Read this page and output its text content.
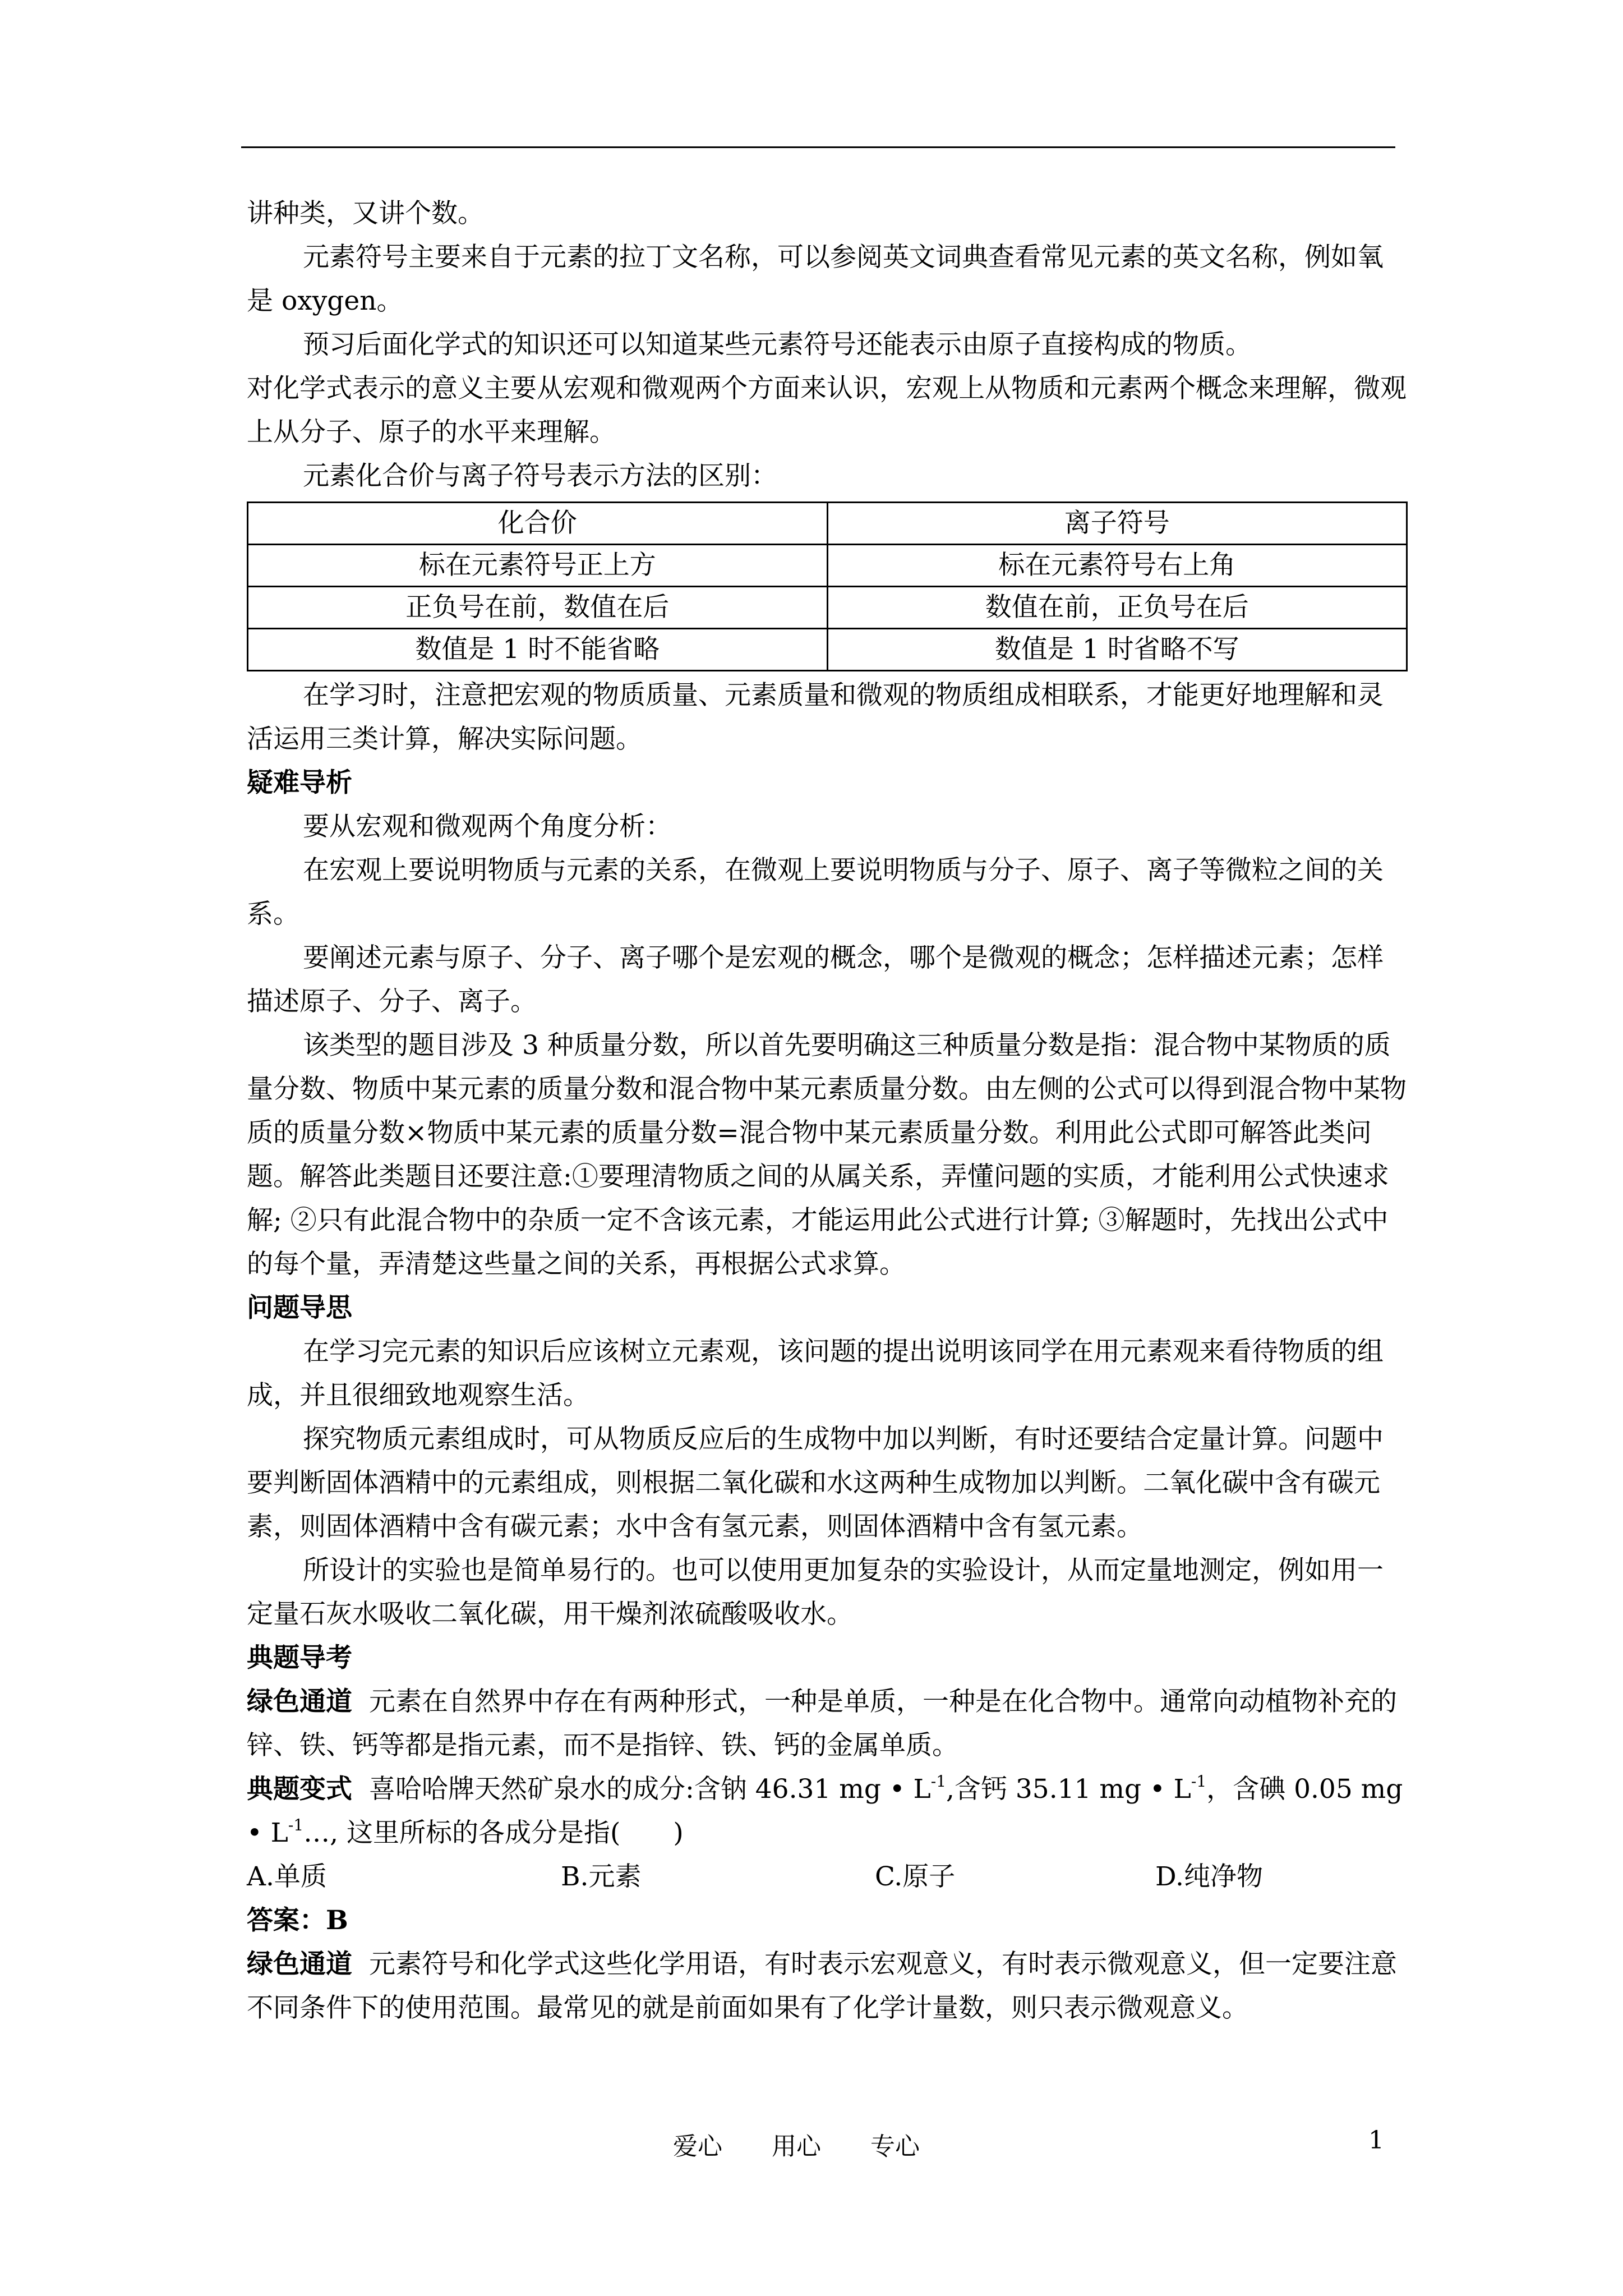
讲种类，又讲个数。

元素符号主要来自于元素的拉丁文名称，可以参阅英文词典查看常见元素的英文名称，例如氧是 oxygen。

预习后面化学式的知识还可以知道某些元素符号还能表示由原子直接构成的物质。

对化学式表示的意义主要从宏观和微观两个方面来认识，宏观上从物质和元素两个概念来理解，微观上从分子、原子的水平来理解。

元素化合价与离子符号表示方法的区别：

化合价	离子符号
标在元素符号正上方	标在元素符号右上角
正负号在前，数值在后	数值在前，正负号在后
数值是 1 时不能省略	数值是 1 时省略不写

在学习时，注意把宏观的物质质量、元素质量和微观的物质组成相联系，才能更好地理解和灵活运用三类计算，解决实际问题。

疑难导析

要从宏观和微观两个角度分析：

在宏观上要说明物质与元素的关系，在微观上要说明物质与分子、原子、离子等微粒之间的关系。

要阐述元素与原子、分子、离子哪个是宏观的概念，哪个是微观的概念；怎样描述元素；怎样描述原子、分子、离子。

该类型的题目涉及 3 种质量分数，所以首先要明确这三种质量分数是指：混合物中某物质的质量分数、物质中某元素的质量分数和混合物中某元素质量分数。由左侧的公式可以得到混合物中某物质的质量分数×物质中某元素的质量分数=混合物中某元素质量分数。利用此公式即可解答此类问题。解答此类题目还要注意:①要理清物质之间的从属关系，弄懂问题的实质，才能利用公式快速求解; ②只有此混合物中的杂质一定不含该元素，才能运用此公式进行计算; ③解题时，先找出公式中的每个量，弄清楚这些量之间的关系，再根据公式求算。

问题导思

在学习完元素的知识后应该树立元素观，该问题的提出说明该同学在用元素观来看待物质的组成，并且很细致地观察生活。

探究物质元素组成时，可从物质反应后的生成物中加以判断，有时还要结合定量计算。问题中要判断固体酒精中的元素组成，则根据二氧化碳和水这两种生成物加以判断。二氧化碳中含有碳元素，则固体酒精中含有碳元素；水中含有氢元素，则固体酒精中含有氢元素。

所设计的实验也是简单易行的。也可以使用更加复杂的实验设计，从而定量地测定，例如用一定量石灰水吸收二氧化碳，用干燥剂浓硫酸吸收水。

典题导考

绿色通道 元素在自然界中存在有两种形式，一种是单质，一种是在化合物中。通常向动植物补充的锌、铁、钙等都是指元素，而不是指锌、铁、钙的金属单质。

典题变式 喜哈哈牌天然矿泉水的成分:含钠 46.31 mg • $L^{-1}$,含钙 35.11 mg • $L^{-1}$，含碘 0.05 mg • $L^{-1}\dots$, 这里所标的各成分是指(　　)

A.单质	B.元素	C.原子	D.纯净物

答案：B

绿色通道 元素符号和化学式这些化学用语，有时表示宏观意义，有时表示微观意义，但一定要注意不同条件下的使用范围。最常见的就是前面如果有了化学计量数，则只表示微观意义。

爱心　　用心　　专心	1
